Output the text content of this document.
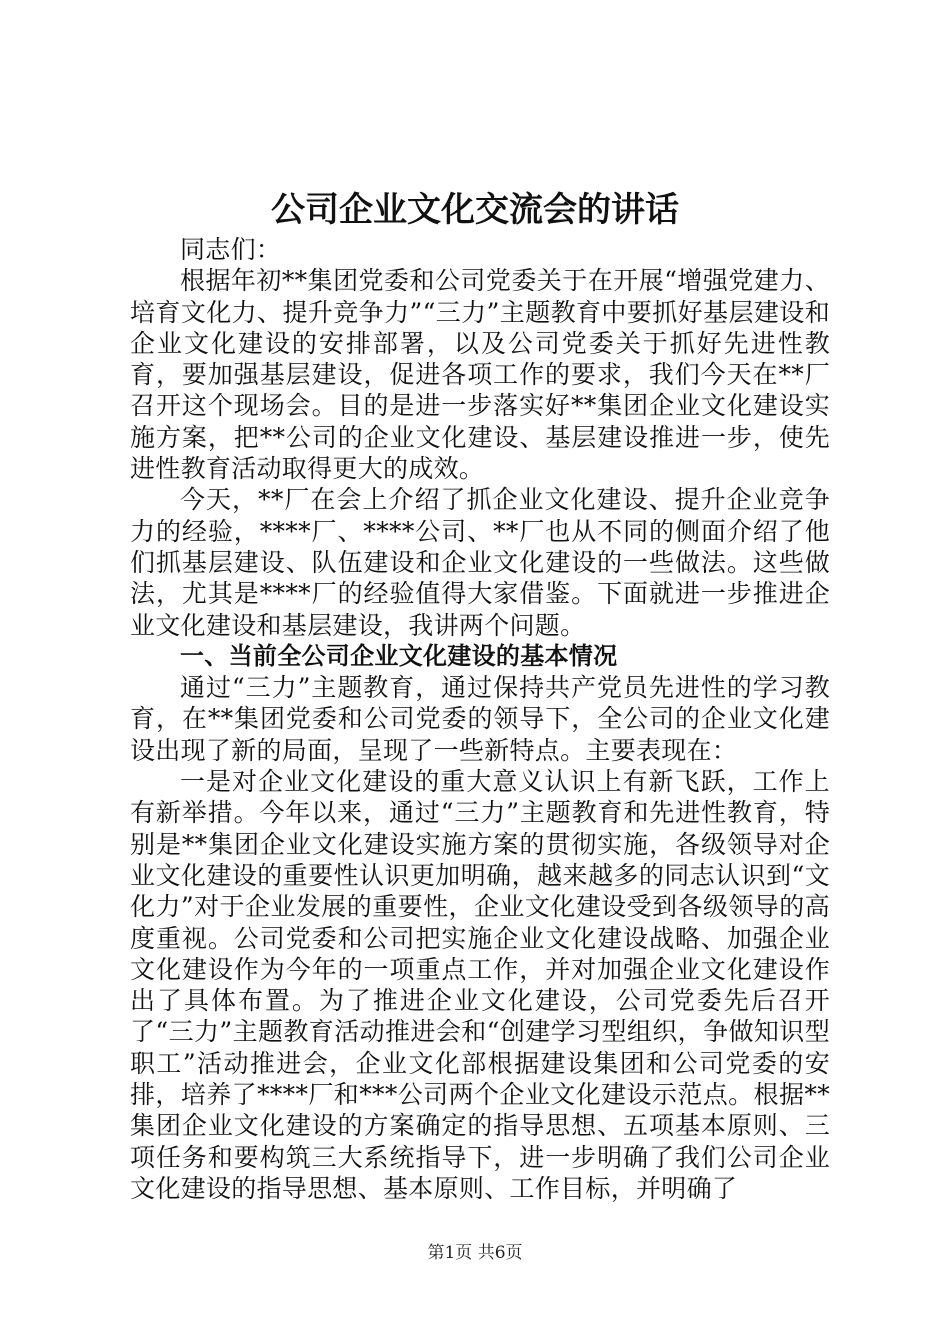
公司企业文化交流会的讲话

同志们：

根据年初**集团党委和公司党委关于在开展“增强党建力、培育文化力、提升竞争力”“三力”主题教育中要抓好基层建设和企业文化建设的安排部署，以及公司党委关于抓好先进性教育，要加强基层建设，促进各项工作的要求，我们今天在**厂召开这个现场会。目的是进一步落实好**集团企业文化建设实施方案，把**公司的企业文化建设、基层建设推进一步，使先进性教育活动取得更大的成效。

今天，**厂在会上介绍了抓企业文化建设、提升企业竞争力的经验，****厂、****公司、**厂也从不同的侧面介绍了他们抓基层建设、队伍建设和企业文化建设的一些做法。这些做法，尤其是****厂的经验值得大家借鉴。下面就进一步推进企业文化建设和基层建设，我讲两个问题。

一、当前全公司企业文化建设的基本情况

通过“三力”主题教育，通过保持共产党员先进性的学习教育，在**集团党委和公司党委的领导下，全公司的企业文化建设出现了新的局面，呈现了一些新特点。主要表现在：

一是对企业文化建设的重大意义认识上有新飞跃，工作上有新举措。今年以来，通过“三力”主题教育和先进性教育，特别是**集团企业文化建设实施方案的贯彻实施，各级领导对企业文化建设的重要性认识更加明确，越来越多的同志认识到“文化力”对于企业发展的重要性，企业文化建设受到各级领导的高度重视。公司党委和公司把实施企业文化建设战略、加强企业文化建设作为今年的一项重点工作，并对加强企业文化建设作出了具体布置。为了推进企业文化建设，公司党委先后召开了“三力”主题教育活动推进会和“创建学习型组织，争做知识型职工”活动推进会，企业文化部根据建设集团和公司党委的安排，培养了****厂和***公司两个企业文化建设示范点。根据**集团企业文化建设的方案确定的指导思想、五项基本原则、三项任务和要构筑三大系统指导下，进一步明确了我们公司企业文化建设的指导思想、基本原则、工作目标，并明确了

第1页 共6页
